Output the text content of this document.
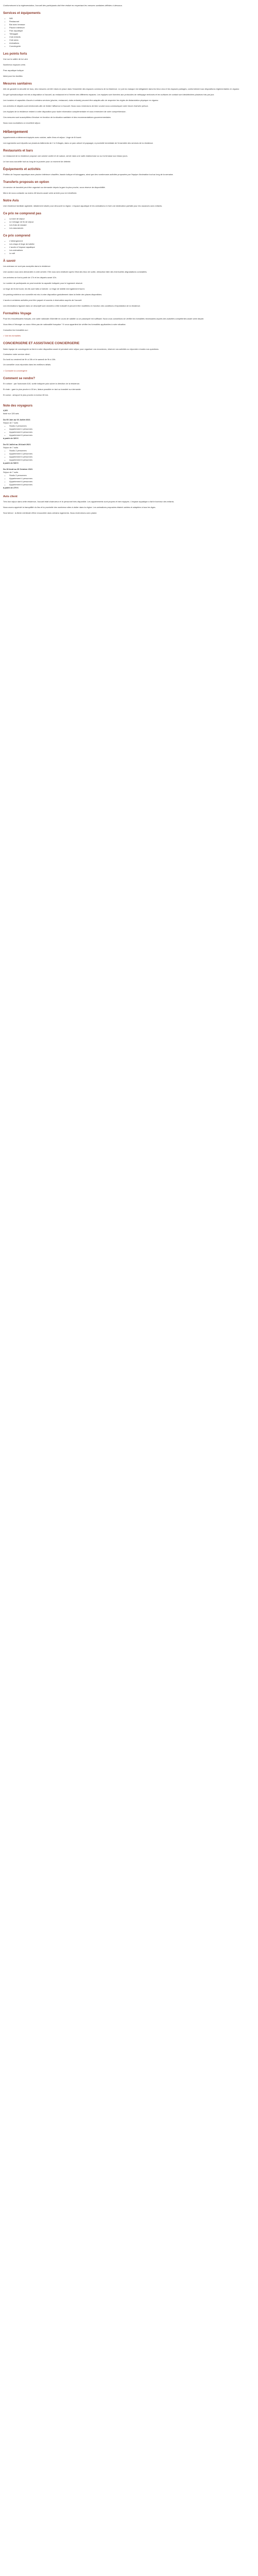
Conformément à la règlementation, l'accueil des participants doit être réalisé en respectant les mesures sanitaires définies ci-dessous.

Services et équipements
• Wifi
• Restaurant
• Bar avec terrasse
• Piscine intérieure
• Parc aquatique
• Toboggan
• Club enfants
• Club ados
• Animations
• Conciergerie
Les points forts

Vue sur la vallée de la Loire

Nombreux espaces verts

Parc aquatique ludique

Idéal pour les familles

Mesures sanitaires

Afin de garantir la sécurité de tous, des mesures ont été mises en place dans l'ensemble des espaces communs de la résidence. Le port du masque est obligatoire dans les lieux clos et les espaces partagés, conformément aux dispositions réglementaires en vigueur.

Du gel hydroalcoolique est mis à disposition à l'accueil, au restaurant et à l'entrée des différents espaces. Les équipes sont formées aux protocoles de nettoyage renforcés et les surfaces de contact sont désinfectées plusieurs fois par jour.

Les horaires et capacités d'accès à certains services (piscine, restaurant, clubs enfants) peuvent être adaptés afin de respecter les règles de distanciation physique en vigueur.

Les arrivées et départs sont échelonnés afin de limiter l'affluence à l'accueil. Nous vous remercions de bien vouloir nous communiquer votre heure d'arrivée prévue.

Les équipes de la résidence restent à votre disposition pour toute information complémentaire et vous remercient de votre compréhension.

Ces mesures sont susceptibles d'évoluer en fonction de la situation sanitaire et des recommandations gouvernementales.

Nous vous souhaitons un excellent séjour.

Hébergement

Appartements entièrement équipés avec cuisine, salle d'eau et séjour. Linge de lit fourni.

Les logements sont répartis sur plusieurs bâtiments de 2 à 3 étages, dans un parc arboré et paysager, à proximité immédiate de l'ensemble des services de la résidence.

Restaurants et bars

Le restaurant de la résidence propose une cuisine variée et de saison, servie dans une salle chaleureuse ou sur la terrasse aux beaux jours.

Le bar vous accueille tout au long de la journée pour un moment de détente.

Équipements et activités

Profitez de l'espace aquatique avec piscine intérieure chauffée, bassin ludique et toboggans, ainsi que des nombreuses activités proposées par l'équipe d'animation tout au long de la semaine.

Transferts proposés en option

Un service de transfert peut être organisé sur demande depuis la gare la plus proche, sous réserve de disponibilité.

Merci de nous contacter au moins 48 heures avant votre arrivée pour en bénéficier.

Notre Avis

Une résidence familiale agréable, idéalement située pour découvrir la région. L'espace aquatique et les animations en font une destination parfaite pour les vacances avec enfants.

Ce prix ne comprend pas
• La taxe de séjour
• Le ménage de fin de séjour
• Les frais de dossier
• Les assurances
Ce prix comprend
• L'hébergement
• Les draps et linge de toilette
• L'accès à l'espace aquatique
• Les animations
• Le wifi
À savoir

Les animaux ne sont pas acceptés dans la résidence.

Une caution vous sera demandée à votre arrivée. Elle vous sera restituée après l'état des lieux de sortie, déduction faite des éventuelles dégradations constatées.

Les arrivées se font à partir de 17h et les départs avant 10h.

Le nombre de participants ne peut excéder la capacité indiquée pour le logement réservé.

Le linge de lit est fourni, les lits sont faits à l'arrivée. Le linge de toilette est également fourni.

Un parking extérieur non surveillé est mis à votre disposition gratuitement dans la limite des places disponibles.

L'accès à certaines activités peut être payant et soumis à réservation auprès de l'accueil.

Les informations figurant dans ce descriptif sont données à titre indicatif et peuvent être modifiées en fonction des conditions d'exploitation de la résidence.

Formalités Voyage

Pour les ressortissants français, une carte nationale d'identité en cours de validité ou un passeport est suffisant. Nous vous conseillons de vérifier les formalités nécessaires auprès des autorités compétentes avant votre départ.

Vous êtes à l'étranger ou vous n'êtes pas de nationalité française ? Il vous appartient de vérifier les formalités applicables à votre situation.

Consultez les formalités sur :

> Voir les formalités
CONCIERGERIE ET ASSISTANCE CONCIERGERIE

Notre équipe de conciergerie se tient à votre disposition avant et pendant votre séjour pour organiser vos excursions, réserver vos activités ou répondre à toutes vos questions.

Contactez notre service client :

Du lundi au vendredi de 9h à 19h et le samedi de 9h à 18h.

Un conseiller vous répondra dans les meilleurs délais.

> Contacter la conciergerie
Comment se rendre?

En voiture : par l'autoroute A10, sortie indiquée puis suivre la direction de la résidence.

En train : gare la plus proche à 15 km, liaison possible en taxi ou transfert sur demande.

En avion : aéroport le plus proche à environ 80 km.

Note des voyageurs

4,5/5

basé sur 128 avis

Du 05 Juin au 03 Juillet 2021

Séjour de 7 nuits

• Studio 2 personnes
• Appartement 4 personnes
• Appartement 6 personnes
• Appartement 8 personnes

à partir de 329 €

Du 03 Juillet au 28 Août 2021

Séjour de 7 nuits

• Studio 2 personnes
• Appartement 4 personnes
• Appartement 6 personnes
• Appartement 8 personnes

à partir de 549 €

Du 28 Août au 30 Octobre 2021

Séjour de 7 nuits

• Studio 2 personnes
• Appartement 4 personnes
• Appartement 6 personnes
• Appartement 8 personnes

à partir de 279 €

Avis client

Très bon séjour dans cette résidence, l'accueil était chaleureux et le personnel très disponible. Les appartements sont propres et bien équipés. L'espace aquatique a fait le bonheur des enfants.

Nous avons apprécié la tranquillité du lieu et la proximité des nombreux sites à visiter dans la région. Les animations proposées étaient variées et adaptées à tous les âges.

Seul bémol : la literie mériterait d'être renouvelée dans certains logements. Nous reviendrons avec plaisir.
